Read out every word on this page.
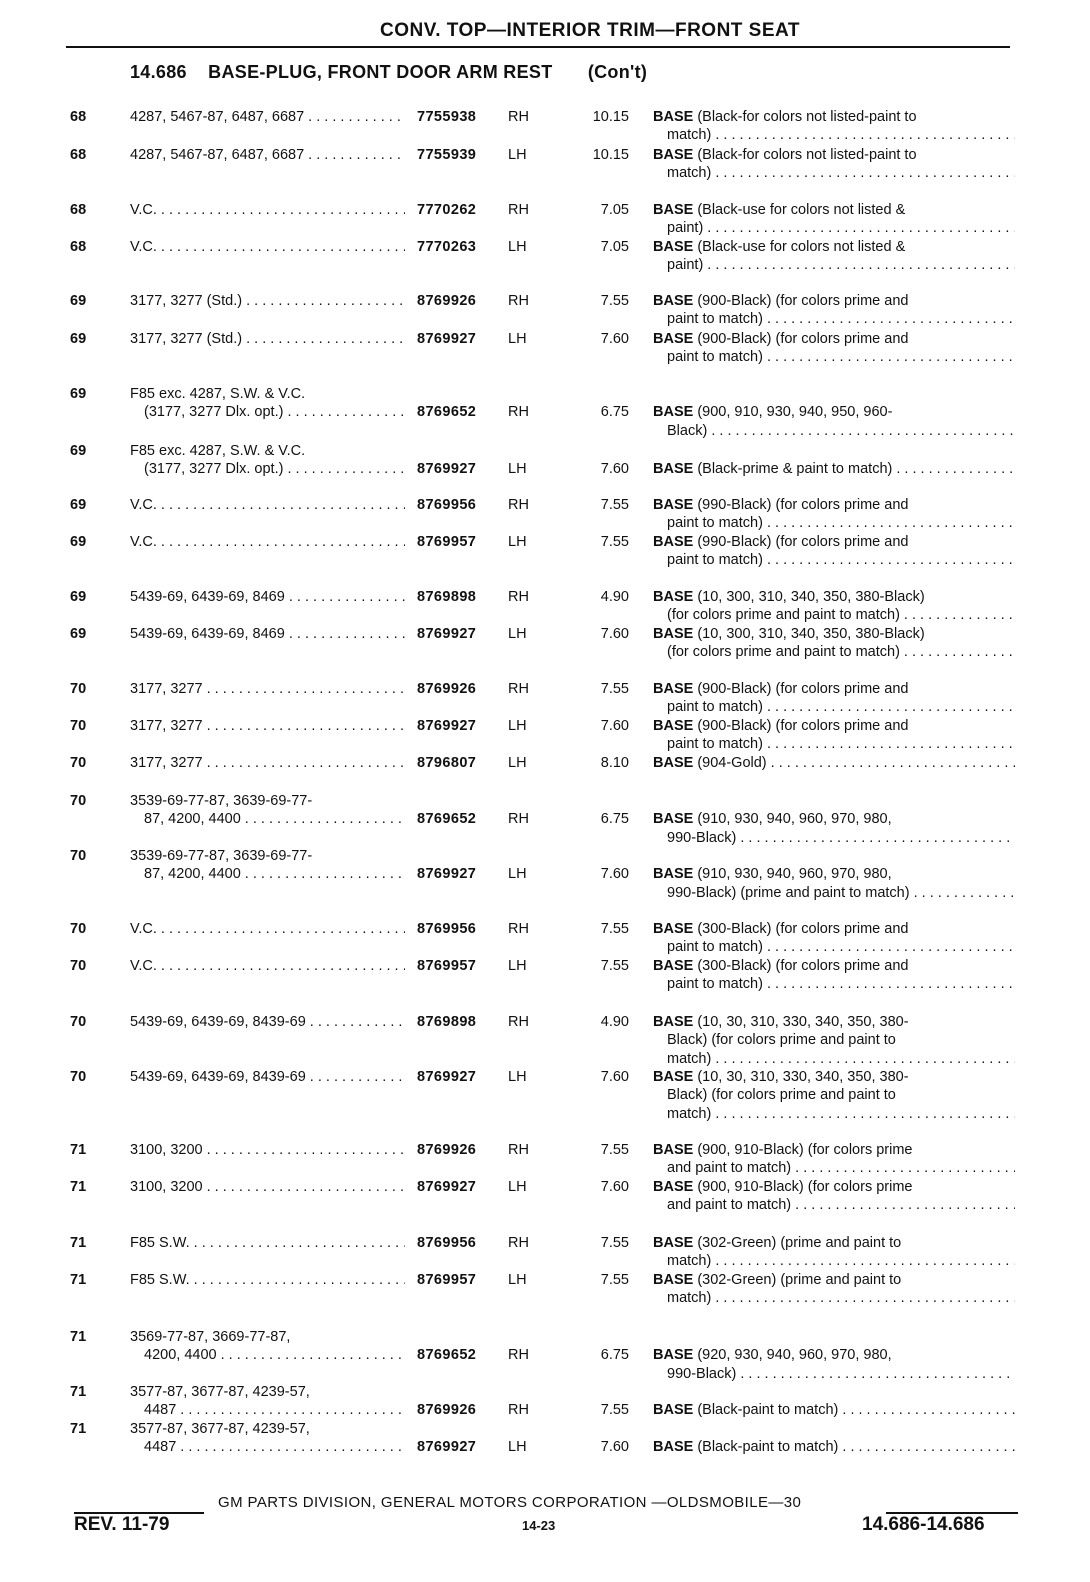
CONV. TOP—INTERIOR TRIM—FRONT SEAT
14.686 BASE-PLUG, FRONT DOOR ARM REST (Con't)
68	4287, 5467-87, 6487, 6687 . . .	7755938 RH	10.15 BASE (Black-for colors not listed-paint to
match) . . .
68	4287, 5467-87, 6487, 6687 . . .	7755939 LH	10.15 BASE (Black-for colors not listed-paint to
match) . . .
68	V.C. . . .	7770262 RH	7.05 BASE (Black-use for colors not listed &
paint) . . .
68	V.C. . . .	7770263 LH	7.05 BASE (Black-use for colors not listed &
paint) . . .
69	3177, 3277 (Std.) . . .	8769926 RH	7.55 BASE (900-Black) (for colors prime and
paint to match) . . .
69	3177, 3277 (Std.) . . .	8769927 LH	7.60 BASE (900-Black) (for colors prime and
paint to match) . . .
69	F85 exc. 4287, S.W. & V.C.
(3177, 3277 Dlx. opt.) . . .	8769652 RH	6.75 BASE (900, 910, 930, 940, 950, 960-
Black) . . .
69	F85 exc. 4287, S.W. & V.C.
(3177, 3277 Dlx. opt.) . . .	8769927 LH	7.60 BASE (Black-prime & paint to match) . . .
69	V.C. . . .	8769956 RH	7.55 BASE (990-Black) (for colors prime and
paint to match) . . .
69	V.C. . . .	8769957 LH	7.55 BASE (990-Black) (for colors prime and
paint to match) . . .
69	5439-69, 6439-69, 8469 . . .	8769898 RH	4.90 BASE (10, 300, 310, 340, 350, 380-Black)
(for colors prime and paint to match) . . .
69	5439-69, 6439-69, 8469 . . .	8769927 LH	7.60 BASE (10, 300, 310, 340, 350, 380-Black)
(for colors prime and paint to match) . . .
70	3177, 3277 . . .	8769926 RH	7.55 BASE (900-Black) (for colors prime and
paint to match) . . .
70	3177, 3277 . . .	8769927 LH	7.60 BASE (900-Black) (for colors prime and
paint to match) . . .
70	3177, 3277 . . .	8796807 LH	8.10 BASE (904-Gold) . . .
70	3539-69-77-87, 3639-69-77-
87, 4200, 4400 . . .	8769652 RH	6.75 BASE (910, 930, 940, 960, 970, 980,
990-Black) . . .
70	3539-69-77-87, 3639-69-77-
87, 4200, 4400 . . .	8769927 LH	7.60 BASE (910, 930, 940, 960, 970, 980,
990-Black) (prime and paint to match) . . .
70	V.C. . . .	8769956 RH	7.55 BASE (300-Black) (for colors prime and
paint to match) . . .
70	V.C. . . .	8769957 LH	7.55 BASE (300-Black) (for colors prime and
paint to match) . . .
70	5439-69, 6439-69, 8439-69 . . .	8769898 RH	4.90 BASE (10, 30, 310, 330, 340, 350, 380-
Black) (for colors prime and paint to
match) . . .
70	5439-69, 6439-69, 8439-69 . . .	8769927 LH	7.60 BASE (10, 30, 310, 330, 340, 350, 380-
Black) (for colors prime and paint to
match) . . .
71	3100, 3200 . . .	8769926 RH	7.55 BASE (900, 910-Black) (for colors prime
and paint to match) . . .
71	3100, 3200 . . .	8769927 LH	7.60 BASE (900, 910-Black) (for colors prime
and paint to match) . . .
71	F85 S.W. . . .	8769956 RH	7.55 BASE (302-Green) (prime and paint to
match) . . .
71	F85 S.W. . . .	8769957 LH	7.55 BASE (302-Green) (prime and paint to
match) . . .
71	3569-77-87, 3669-77-87,
4200, 4400 . . .	8769652 RH	6.75 BASE (920, 930, 940, 960, 970, 980,
990-Black) . . .
71	3577-87, 3677-87, 4239-57,
4487 . . .	8769926 RH	7.55 BASE (Black-paint to match) . . .
71	3577-87, 3677-87, 4239-57,
4487 . . .	8769927 LH	7.60 BASE (Black-paint to match) . . .
GM PARTS DIVISION, GENERAL MOTORS CORPORATION —OLDSMOBILE—30
REV. 11-79	14-23	14.686-14.686
